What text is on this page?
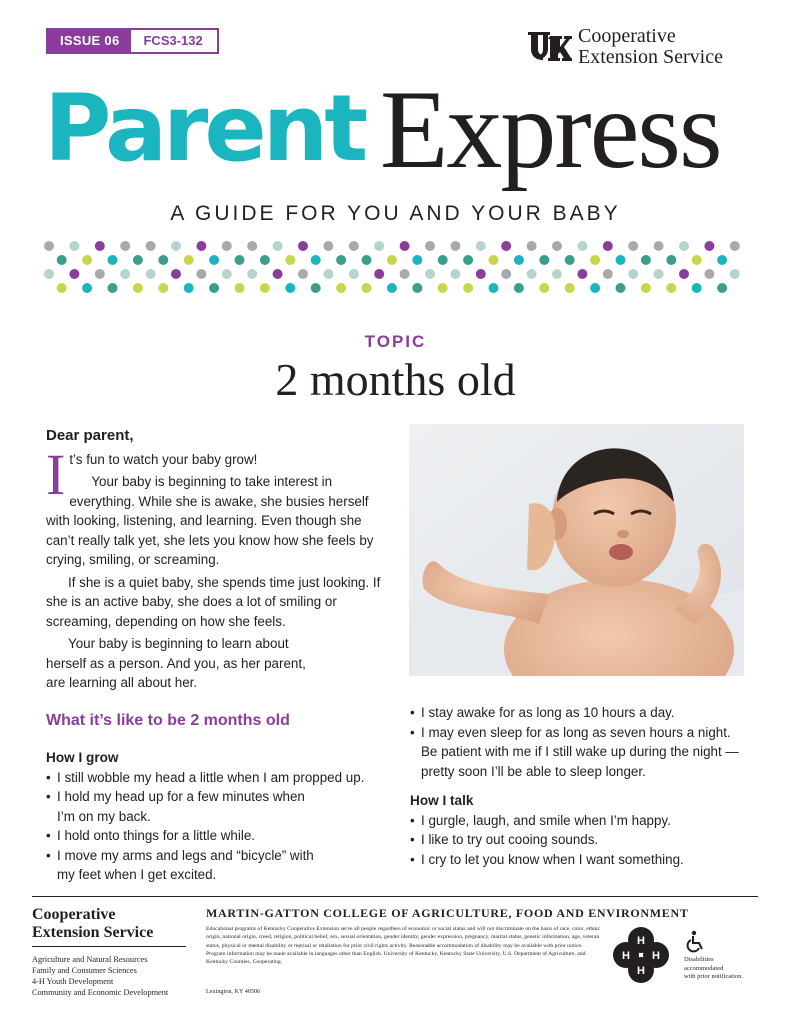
ISSUE 06	FCS3-132	Cooperative
Extension Service
Parent Express
A GUIDE FOR YOU AND YOUR BABY
TOPIC
2 months old
Dear parent,
I t’s fun to watch your baby grow!
Your baby is beginning to take interest in everything. While she is awake, she busies herself with looking, listening, and learning. Even though she can’t really talk yet, she lets you know how she feels by crying, smiling, or screaming.
If she is a quiet baby, she spends time just looking. If she is an active baby, she does a lot of smiling or screaming, depending on how she feels.
Your baby is beginning to learn about herself as a person. And you, as her parent, are learning all about her.
What it’s like to be 2 months old
How I grow
• I still wobble my head a little when I am propped up.
• I hold my head up for a few minutes when I’m on my back.
• I hold onto things for a little while.
• I move my arms and legs and “bicycle” with my feet when I get excited.
• I stay awake for as long as 10 hours a day.
• I may even sleep for as long as seven hours a night. Be patient with me if I still wake up during the night — pretty soon I’ll be able to sleep longer.
How I talk
• I gurgle, laugh, and smile when I’m happy.
• I like to try out cooing sounds.
• I cry to let you know when I want something.
Cooperative
Extension Service
Agriculture and Natural Resources
Family and Consumer Sciences
4-H Youth Development
Community and Economic Development
MARTIN-GATTON COLLEGE OF AGRICULTURE, FOOD AND ENVIRONMENT
Educational programs of Kentucky Cooperative Extension serve all people regardless of economic or social status and will not discriminate on the basis of race, color, ethnic origin, national origin, creed, religion, political belief, sex, sexual orientation, gender identity, gender expression, pregnancy, marital status, genetic information, age, veteran status, physical or mental disability or reprisal or retaliation for prior civil rights activity. Reasonable accommodation of disability may be available with prior notice. Program information may be made available in languages other than English. University of Kentucky, Kentucky State University, U.S. Department of Agriculture, and Kentucky Counties, Cooperating.
Lexington, KY 40506
H
H H
H
Disabilities
accommodated
with prior notification.
